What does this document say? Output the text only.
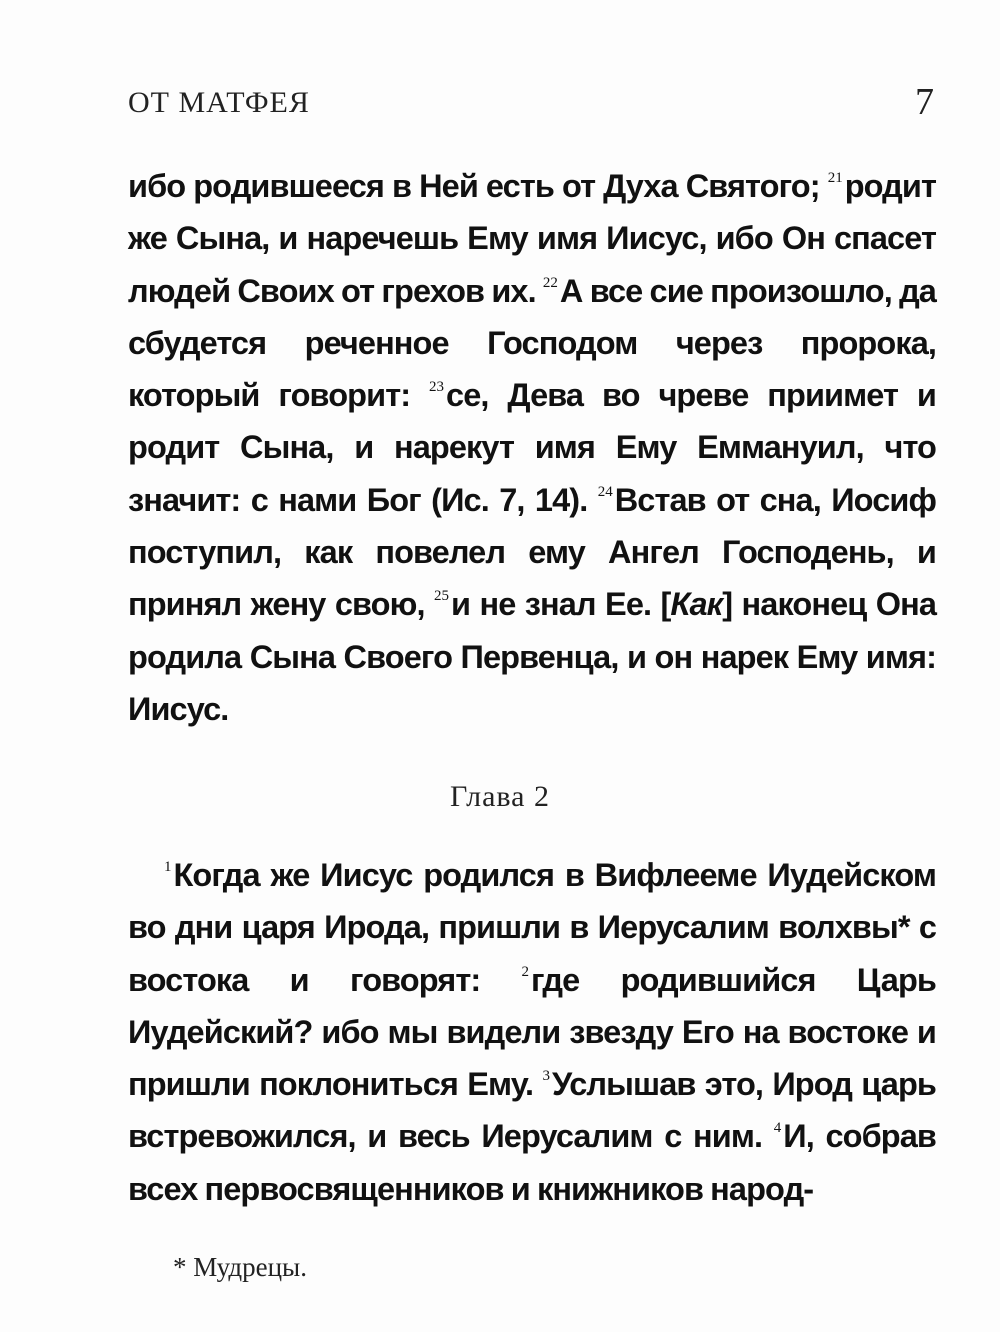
ОТ МАТФЕЯ	7
ибо родившееся в Ней есть от Духа Святого; $^{21}$родит же Сына, и наречешь Ему имя Иисус, ибо Он спасет людей Своих от грехов их. $^{22}$А все сие произошло, да сбудется реченное Господом через пророка, который говорит: $^{23}$се, Дева во чреве приимет и родит Сына, и нарекут имя Ему Еммануил, что значит: с нами Бог (Ис. 7, 14). $^{24}$Встав от сна, Иосиф поступил, как повелел ему Ангел Господень, и принял жену свою, $^{25}$и не знал Ее. [Как] наконец Она родила Сына Своего Первенца, и он нарек Ему имя: Иисус.
Глава 2
$^1$Когда же Иисус родился в Вифлееме Иудейском во дни царя Ирода, пришли в Иерусалим волхвы* с востока и говорят:	$^2$где родившийся Царь Иудейский? ибо мы видели звезду Его на востоке и пришли поклониться Ему. $^3$Услышав это, Ирод царь встревожился, и весь Иерусалим с ним. $^4$И, собрав всех первосвященников и книжников народ-
* Мудрецы.
